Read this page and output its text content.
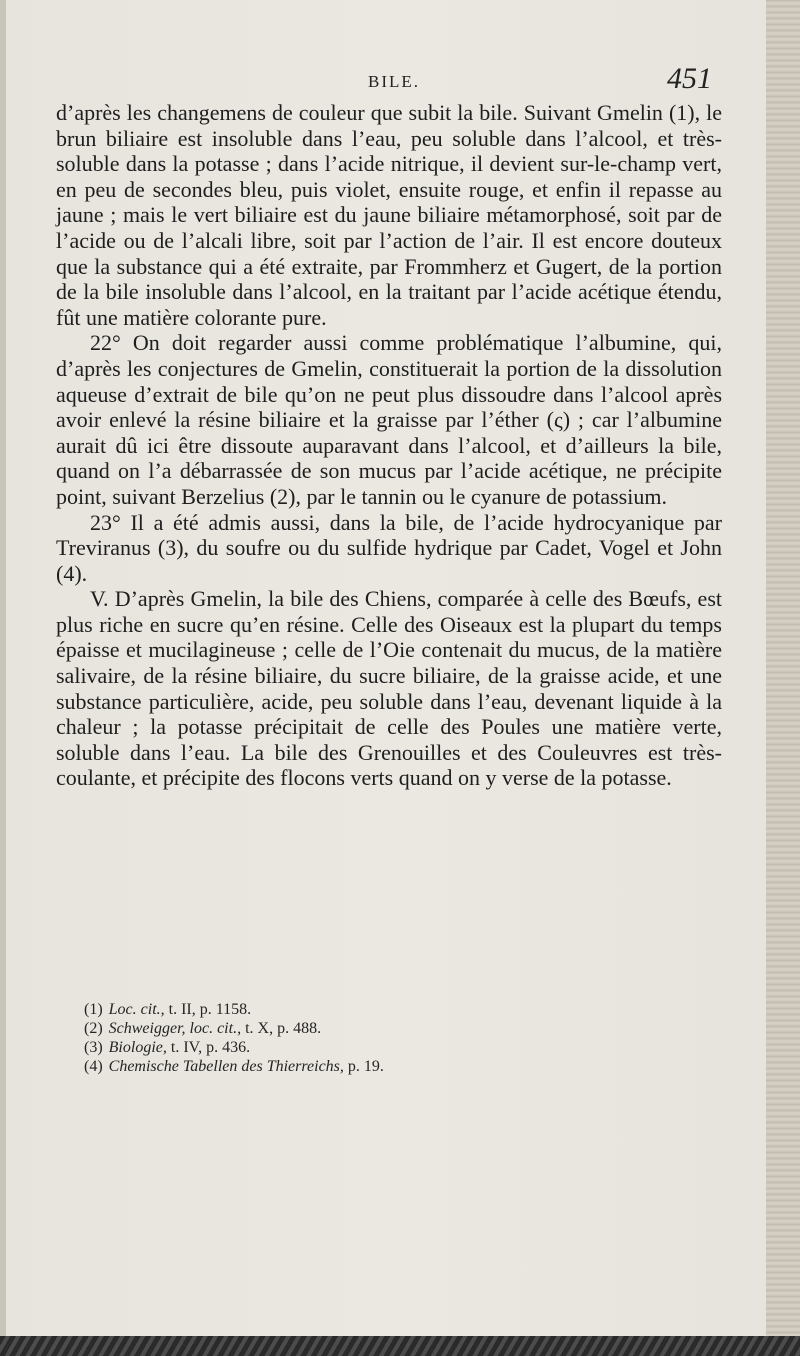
BILE.	451

d’après les changemens de couleur que subit la bile. Suivant Gmelin (1), le brun biliaire est insoluble dans l’eau, peu soluble dans l’alcool, et très-soluble dans la potasse ; dans l’acide nitrique, il devient sur-le-champ vert, en peu de secondes bleu, puis violet, ensuite rouge, et enfin il repasse au jaune ; mais le vert biliaire est du jaune biliaire métamorphosé, soit par de l’acide ou de l’alcali libre, soit par l’action de l’air. Il est encore douteux que la substance qui a été extraite, par Frommherz et Gugert, de la portion de la bile insoluble dans l’alcool, en la traitant par l’acide acétique étendu, fût une matière colorante pure.

22° On doit regarder aussi comme problématique l’albumine, qui, d’après les conjectures de Gmelin, constituerait la portion de la dissolution aqueuse d’extrait de bile qu’on ne peut plus dissoudre dans l’alcool après avoir enlevé la résine biliaire et la graisse par l’éther (ς) ; car l’albumine aurait dû ici être dissoute auparavant dans l’alcool, et d’ailleurs la bile, quand on l’a débarrassée de son mucus par l’acide acétique, ne précipite point, suivant Berzelius (2), par le tannin ou le cyanure de potassium.

23° Il a été admis aussi, dans la bile, de l’acide hydrocyanique par Treviranus (3), du soufre ou du sulfide hydrique par Cadet, Vogel et John (4).

V. D’après Gmelin, la bile des Chiens, comparée à celle des Bœufs, est plus riche en sucre qu’en résine. Celle des Oiseaux est la plupart du temps épaisse et mucilagineuse ; celle de l’Oie contenait du mucus, de la matière salivaire, de la résine biliaire, du sucre biliaire, de la graisse acide, et une substance particulière, acide, peu soluble dans l’eau, devenant liquide à la chaleur ; la potasse précipitait de celle des Poules une matière verte, soluble dans l’eau. La bile des Grenouilles et des Couleuvres est très-coulante, et précipite des flocons verts quand on y verse de la potasse.

(1) Loc. cit., t. II, p. 1158.

(2) Schweigger, loc. cit., t. X, p. 488.

(3) Biologie, t. IV, p. 436.

(4) Chemische Tabellen des Thierreichs, p. 19.
